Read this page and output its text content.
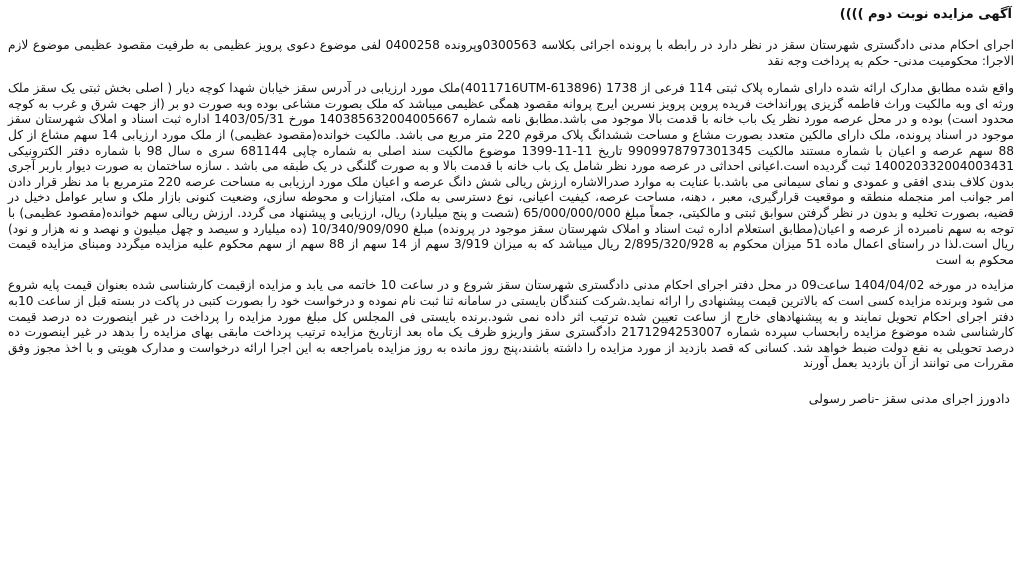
آگهی مزایده نوبت دوم ))))

اجرای احکام مدنی دادگستری شهرستان سقز در نظر دارد در رابطه با پرونده اجرائی بکلاسه 0300563وپرونده 0400258 لفی موضوع دعوی پرویز عظیمی به طرفیت مقصود عظیمی موضوع لازم الاجرا: محکومیت مدنی- حکم به پرداخت وجه نقد

واقع شده مطابق مدارک ارائه شده دارای شماره پلاک ثبتی 114 فرعی از 1738 (613896-4011716UTM)ملک مورد ارزیابی در آدرس سقز خیابان شهدا کوچه دیار ( اصلی بخش ثبتی یک سقز ملک ورثه ای وبه مالکیت وراث فاطمه گزیزی پورانداخت فریده پروین پرویز نسرین ایرج پروانه مقصود همگی عظیمی میباشد که ملک بصورت مشاعی بوده وبه صورت دو بر (از جهت شرق و غرب به کوچه محدود است) بوده و در محل عرصه مورد نظر یک باب خانه با قدمت بالا موجود می باشد.مطابق نامه شماره 140385632004005667 مورخ 1403/05/31 اداره ثبت اسناد و املاک شهرستان سقز موجود در اسناد پرونده، ملک دارای مالکین متعدد بصورت مشاع و مساحت ششدانگ پلاک مرقوم 220 متر مربع می باشد. مالکیت خوانده(مقصود عظیمی) از ملک مورد ارزیابی 14 سهم مشاع از کل 88 سهم عرصه و اعیان با شماره مستند مالکیت 9909978797301345 تاریخ 11-11-1399 موضوع مالکیت سند اصلی به شماره چاپی 681144 سری ه سال 98 با شماره دفتر الکترونیکی 140020332004003431 ثبت گردیده است.اعیانی احداثی در عرصه مورد نظر شامل یک باب خانه با قدمت بالا و به صورت گلنگی در یک طبقه می باشد . سازه ساختمان به صورت دیوار باربر آجری بدون کلاف بندی افقی و عمودی و نمای سیمانی می باشد.با عنایت به موارد صدرالاشاره ارزش ریالی شش دانگ عرصه و اعیان ملک مورد ارزیابی به مساحت عرصه 220 مترمربع با مد نظر قرار دادن امر جوانب امر منجمله منطقه و موقعیت قرارگیری، معبر ، دهنه، مساحت عرصه، کیفیت اعیانی، نوع دسترسی به ملک، امتیازات و محوطه سازی، وضعیت کنونی بازار ملک و سایر عوامل دخیل در قضیه، بصورت تخلیه و بدون در نظر گرفتن سوابق ثبتی و مالکیتی، جمعاً مبلغ 65/000/000/000 (شصت و پنج میلیارد) ریال، ارزیابی و پیشنهاد می گردد. ارزش ریالی سهم خوانده(مقصود عظیمی) با توجه به سهم نامبرده از عرصه و اعیان(مطابق استعلام اداره ثبت اسناد و املاک شهرستان سقز موجود در پرونده) مبلغ 10/340/909/090 (ده میلیارد و سیصد و چهل میلیون و نهصد و نه هزار و نود) ریال است.لذا در راستای اعمال ماده 51 میزان محکوم به 2/895/320/928 ریال میباشد که به میزان 3/919 سهم از 14 سهم از 88 سهم از سهم محکوم علیه مزایده میگردد ومبنای مزایده قیمت محکوم به است

مزایده در مورخه 1404/04/02 ساعت09 در محل دفتر اجرای احکام مدنی دادگستری شهرستان سقز شروع و در ساعت 10 خاتمه می یابد و مزایده ازقیمت کارشناسی شده بعنوان قیمت پایه شروع می شود وبرنده مزایده کسی است که بالاترین قیمت پیشنهادی را ارائه نماید.شرکت کنندگان بایستی در سامانه ثنا ثبت نام نموده و درخواست خود را بصورت کتبی در پاکت در بسته قبل از ساعت 10به دفتر اجرای احکام تحویل نمایند و به پیشنهادهای خارج از ساعت تعیین شده ترتیب اثر داده نمی شود.برنده بایستی فی المجلس کل مبلغ مورد مزایده را پرداخت در غیر اینصورت ده درصد قیمت کارشناسی شده موضوع مزایده رابحساب سپرده شماره 2171294253007 دادگستری سقز واریزو ظرف یک ماه بعد ازتاریخ مزایده ترتیب پرداخت مابقی بهای مزایده را بدهد در غیر اینصورت ده درصد تحویلی به نفع دولت ضبط خواهد شد. کسانی که قصد بازدید از مورد مزایده را داشته باشند،پنج روز مانده به روز مزایده بامراجعه به این اجرا ارائه درخواست و مدارک هویتی و با اخذ مجوز وفق مقررات می توانند از آن بازدید بعمل آورند

دادورز اجرای مدنی سقز -ناصر رسولی
